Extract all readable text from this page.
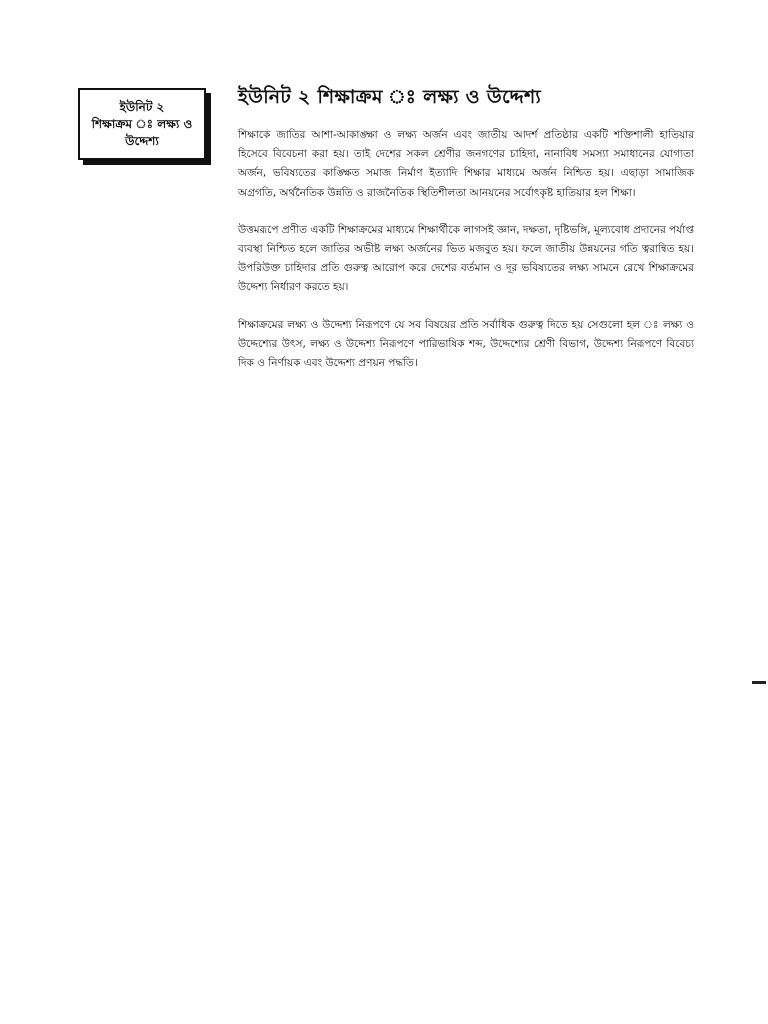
ইউনিট ২
শিক্ষাক্রম ঃ লক্ষ্য ও
উদ্দেশ্য
ইউনিট ২ শিক্ষাক্রম ঃ লক্ষ্য ও উদ্দেশ্য

শিক্ষাকে জাতির আশা-আকাঙ্ক্ষা ও লক্ষ্য অর্জন এবং জাতীয় আদর্শ প্রতিষ্ঠার একটি শক্তিশালী হাতিয়ার হিসেবে বিবেচনা করা হয়। তাই দেশের সকল শ্রেণীর জনগণের চাহিদা, নানাবিধ সমস্যা সমাধানের যোগ্যতা অর্জন, ভবিষ্যতের কাঙ্ক্ষিত সমাজ নির্মাণ ইত্যাদি শিক্ষার মাধ্যমে অর্জন নিশ্চিত হয়। এছাড়া সামাজিক অগ্রগতি, অর্থনৈতিক উন্নতি ও রাজনৈতিক স্থিতিশীলতা আনয়নের সর্বোৎকৃষ্ট হাতিয়ার হল শিক্ষা।

উত্তমরূপে প্রণীত একটি শিক্ষাক্রমের মাধ্যমে শিক্ষার্থীকে লাগসই জ্ঞান, দক্ষতা, দৃষ্টিভঙ্গি, মূল্যবোধ প্রদানের পর্যাপ্ত ব্যবস্থা নিশ্চিত হলে জাতির অভীষ্ট লক্ষ্য অর্জনের ভিত মজবুত হয়। ফলে জাতীয় উন্নয়নের গতি ত্বরান্বিত হয়। উপরিউক্ত চাহিদার প্রতি গুরুত্ব আরোপ করে দেশের বর্তমান ও দূর ভবিষ্যতের লক্ষ্য সামনে রেখে শিক্ষাক্রমের উদ্দেশ্য নির্ধারণ করতে হয়।

শিক্ষাক্রমের লক্ষ্য ও উদ্দেশ্য নিরূপণে যে সব বিষয়ের প্রতি সর্বাধিক গুরুত্ব দিতে হয় সেগুলো হল ঃ লক্ষ্য ও উদ্দেশ্যের উৎস, লক্ষ্য ও উদ্দেশ্য নিরূপণে পারিভাষিক শব্দ, উদ্দেশ্যের শ্রেণী বিভাগ, উদ্দেশ্য নিরূপণে বিবেচ্য দিক ও নির্ণায়ক এবং উদ্দেশ্য প্রণয়ন পদ্ধতি।
